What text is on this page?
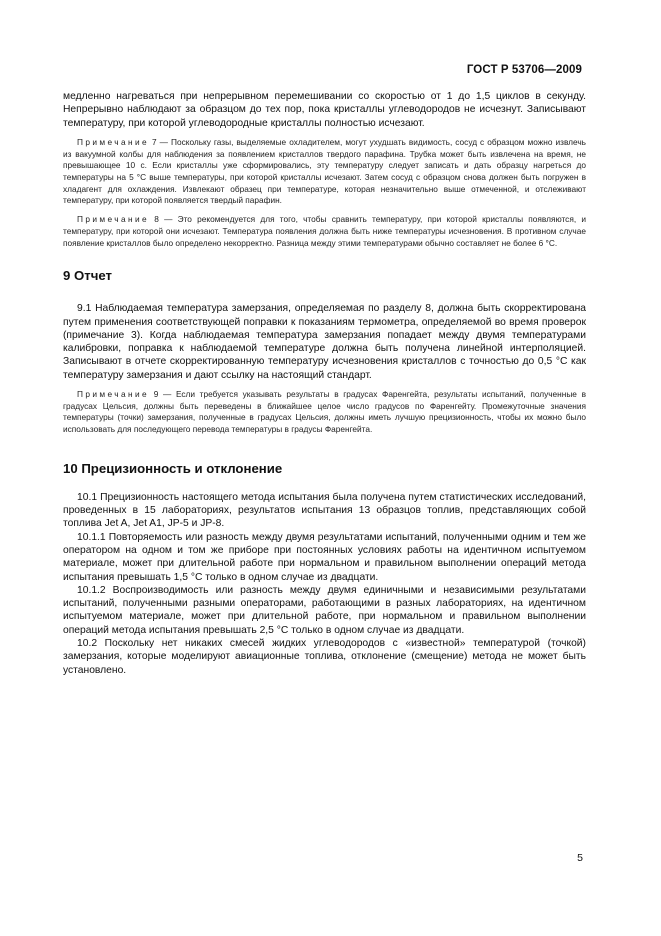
ГОСТ Р 53706—2009

медленно нагреваться при непрерывном перемешивании со скоростью от 1 до 1,5 циклов в секунду. Непрерывно наблюдают за образцом до тех пор, пока кристаллы углеводородов не исчезнут. Записывают температуру, при которой углеводородные кристаллы полностью исчезают.

Примечание 7 — Поскольку газы, выделяемые охладителем, могут ухудшать видимость, сосуд с образцом можно извлечь из вакуумной колбы для наблюдения за появлением кристаллов твердого парафина. Трубка может быть извлечена на время, не превышающее 10 с. Если кристаллы уже сформировались, эту температуру следует записать и дать образцу нагреться до температуры на 5 °С выше температуры, при которой кристаллы исчезают. Затем сосуд с образцом снова должен быть погружен в хладагент для охлаждения. Извлекают образец при температуре, которая незначительно выше отмеченной, и отслеживают температуру, при которой появляется твердый парафин.

Примечание 8 — Это рекомендуется для того, чтобы сравнить температуру, при которой кристаллы появляются, и температуру, при которой они исчезают. Температура появления должна быть ниже температуры исчезновения. В противном случае появление кристаллов было определено некорректно. Разница между этими температурами обычно составляет не более 6 °С.

9 Отчет

9.1 Наблюдаемая температура замерзания, определяемая по разделу 8, должна быть скорректирована путем применения соответствующей поправки к показаниям термометра, определяемой во время проверок (примечание 3). Когда наблюдаемая температура замерзания попадает между двумя температурами калибровки, поправка к наблюдаемой температуре должна быть получена линейной интерполяцией. Записывают в отчете скорректированную температуру исчезновения кристаллов с точностью до 0,5 °С как температуру замерзания и дают ссылку на настоящий стандарт.

Примечание 9 — Если требуется указывать результаты в градусах Фаренгейта, результаты испытаний, полученные в градусах Цельсия, должны быть переведены в ближайшее целое число градусов по Фаренгейту. Промежуточные значения температуры (точки) замерзания, полученные в градусах Цельсия, должны иметь лучшую прецизионность, чтобы их можно было использовать для последующего перевода температуры в градусы Фаренгейта.

10 Прецизионность и отклонение

10.1 Прецизионность настоящего метода испытания была получена путем статистических исследований, проведенных в 15 лабораториях, результатов испытания 13 образцов топлив, представляющих собой топлива Jet A, Jet A1, JP-5 и JP-8.

10.1.1 Повторяемость или разность между двумя результатами испытаний, полученными одним и тем же оператором на одном и том же приборе при постоянных условиях работы на идентичном испытуемом материале, может при длительной работе при нормальном и правильном выполнении операций метода испытания превышать 1,5 °С только в одном случае из двадцати.

10.1.2 Воспроизводимость или разность между двумя единичными и независимыми результатами испытаний, полученными разными операторами, работающими в разных лабораториях, на идентичном испытуемом материале, может при длительной работе, при нормальном и правильном выполнении операций метода испытания превышать 2,5 °С только в одном случае из двадцати.

10.2 Поскольку нет никаких смесей жидких углеводородов с «известной» температурой (точкой) замерзания, которые моделируют авиационные топлива, отклонение (смещение) метода не может быть установлено.

5
